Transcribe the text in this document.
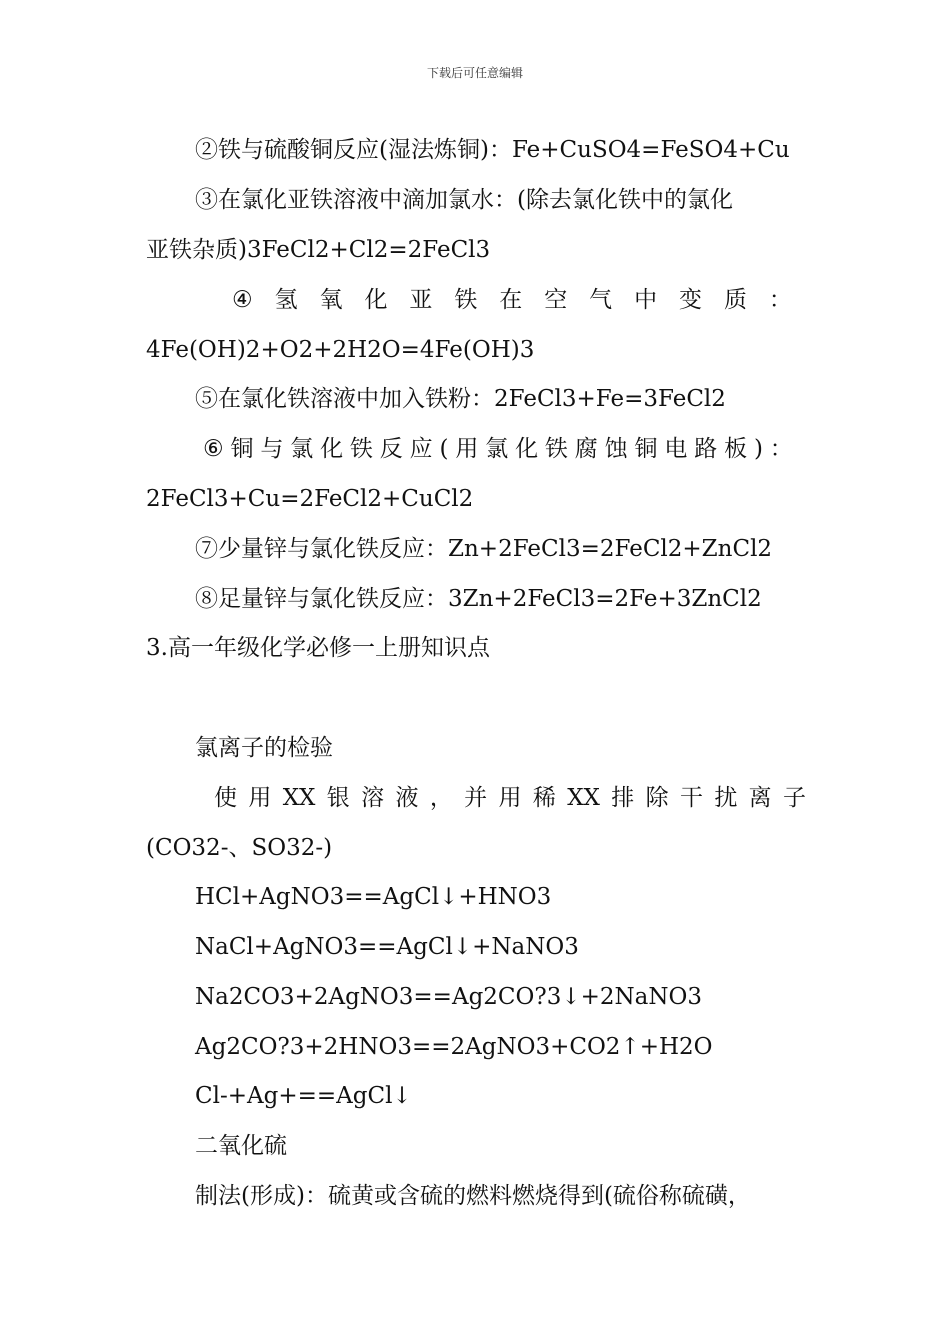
下载后可任意编辑
②铁与硫酸铜反应(湿法炼铜)：Fe+CuSO4=FeSO4+Cu
③在氯化亚铁溶液中滴加氯水：(除去氯化铁中的氯化
亚铁杂质)3FeCl2+Cl2=2FeCl3
④ 氢 氧 化 亚 铁 在 空 气 中 变 质 ：
4Fe(OH)2+O2+2H2O=4Fe(OH)3
⑤在氯化铁溶液中加入铁粉：2FeCl3+Fe=3FeCl2
⑥ 铜 与 氯 化 铁 反 应 ( 用 氯 化 铁 腐 蚀 铜 电 路 板 ) ：
2FeCl3+Cu=2FeCl2+CuCl2
⑦少量锌与氯化铁反应：Zn+2FeCl3=2FeCl2+ZnCl2
⑧足量锌与氯化铁反应：3Zn+2FeCl3=2Fe+3ZnCl2
3.高一年级化学必修一上册知识点
氯离子的检验
使 用 XX 银 溶 液 ， 并 用 稀 XX 排 除 干 扰 离 子
(CO32-、SO32-)
HCl+AgNO3==AgCl↓+HNO3
NaCl+AgNO3==AgCl↓+NaNO3
Na2CO3+2AgNO3==Ag2CO?3↓+2NaNO3
Ag2CO?3+2HNO3==2AgNO3+CO2↑+H2O
Cl-+Ag+==AgCl↓
二氧化硫
制法(形成)：硫黄或含硫的燃料燃烧得到(硫俗称硫磺，
